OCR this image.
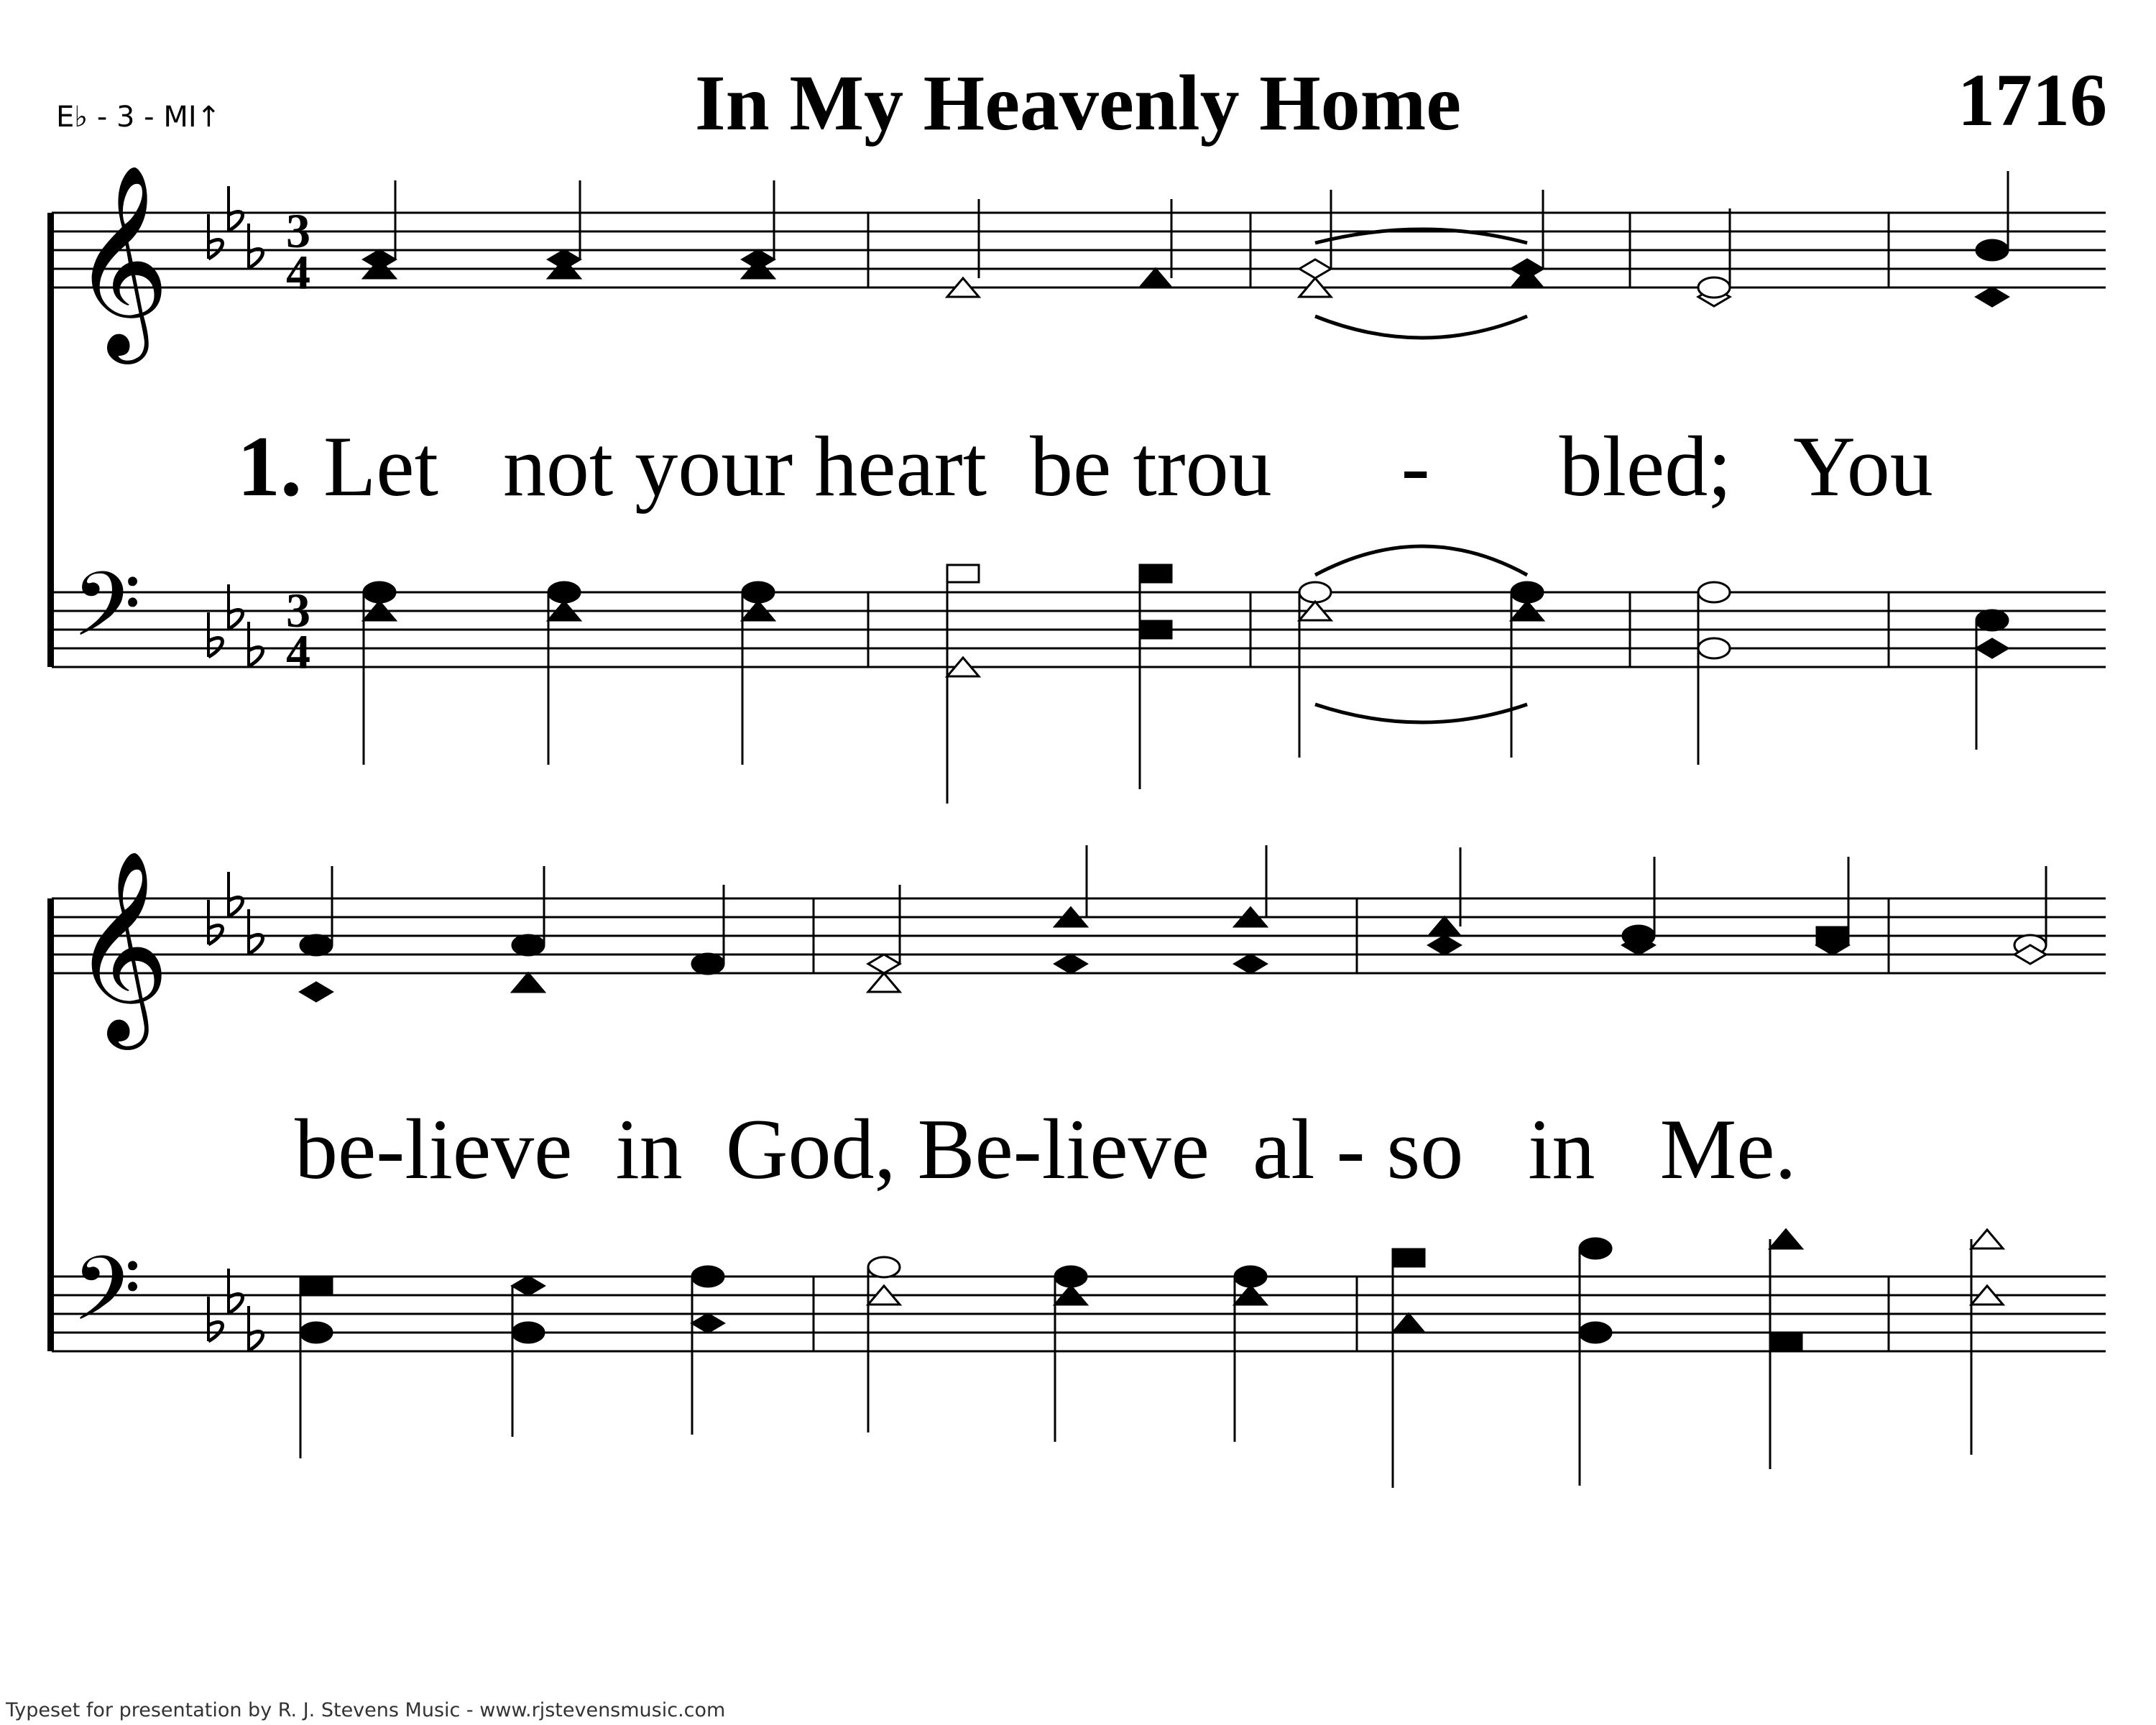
E♭ - 3 - MI↑	In My Heavenly Home	1716
𝄞
𝄢
𝄞
𝄢
3
4
3
4
1. Let not your heart be trou - bled; You
be-lieve in God, Be-lieve al - so in Me.
Typeset for presentation by R. J. Stevens Music - www.rjstevensmusic.com
